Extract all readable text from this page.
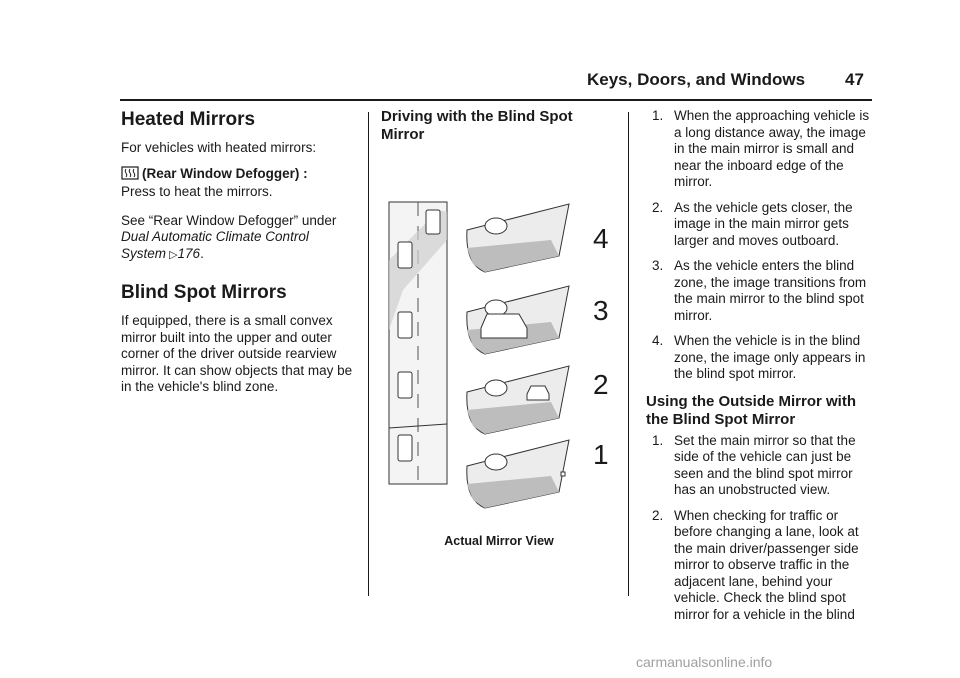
Keys, Doors, and Windows 47
Heated Mirrors

For vehicles with heated mirrors:

(Rear Window Defogger) :
Press to heat the mirrors.

See “Rear Window Defogger” under
Dual Automatic Climate Control System ▷176.

Blind Spot Mirrors

If equipped, there is a small convex mirror built into the upper and outer corner of the driver outside rearview mirror. It can show objects that may be in the vehicle's blind zone.

Driving with the Blind Spot Mirror
4
3
2
1
Actual Mirror View
1. When the approaching vehicle is a long distance away, the image in the main mirror is small and near the inboard edge of the mirror.
2. As the vehicle gets closer, the image in the main mirror gets larger and moves outboard.
3. As the vehicle enters the blind zone, the image transitions from the main mirror to the blind spot mirror.
4. When the vehicle is in the blind zone, the image only appears in the blind spot mirror.
Using the Outside Mirror with the Blind Spot Mirror
1. Set the main mirror so that the side of the vehicle can just be seen and the blind spot mirror has an unobstructed view.
2. When checking for traffic or before changing a lane, look at the main driver/passenger side mirror to observe traffic in the adjacent lane, behind your vehicle. Check the blind spot mirror for a vehicle in the blind
carmanualsonline.info
